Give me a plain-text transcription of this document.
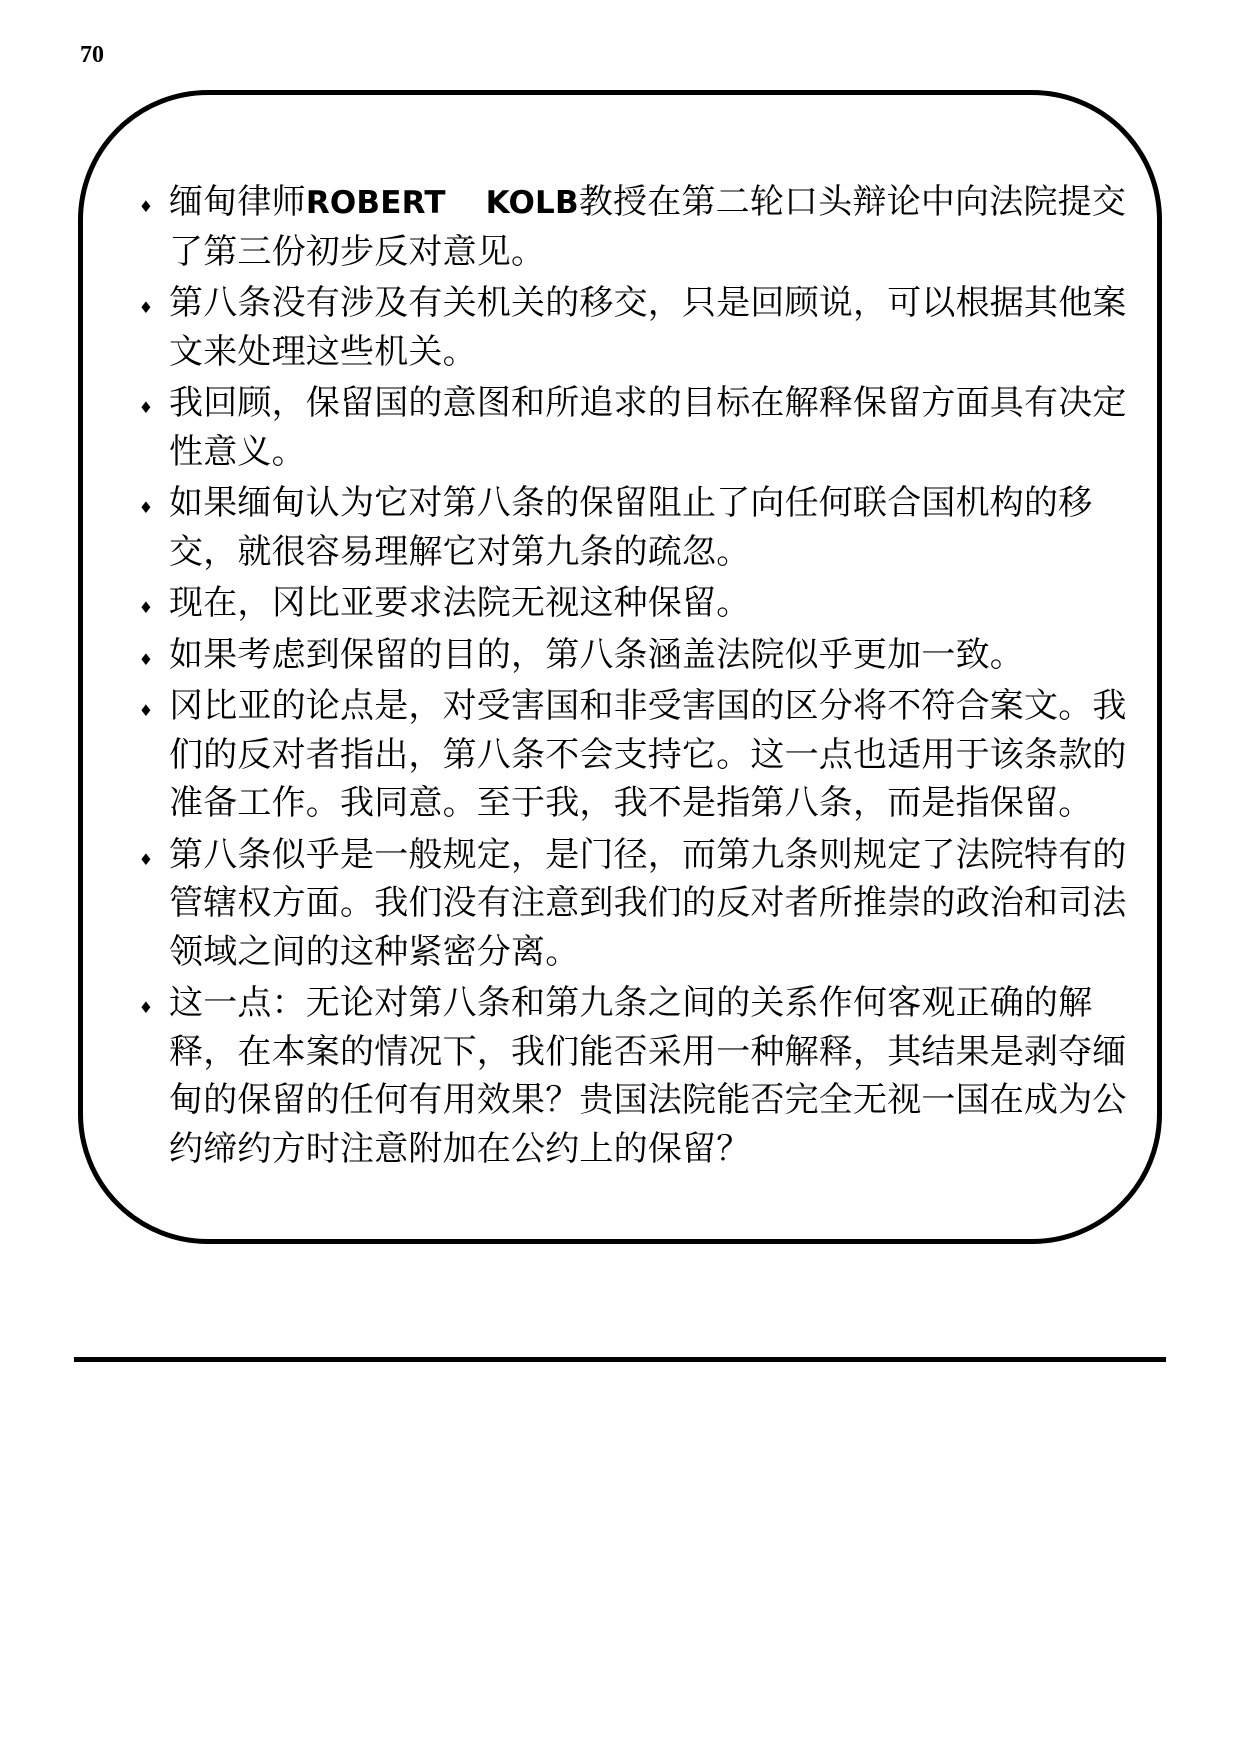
70
♦ 缅甸律师ROBERT KOLB教授在第二轮口头辩论中向法院提交了第三份初步反对意见。
♦ 第八条没有涉及有关机关的移交，只是回顾说，可以根据其他案文来处理这些机关。
♦ 我回顾，保留国的意图和所追求的目标在解释保留方面具有决定性意义。
♦ 如果缅甸认为它对第八条的保留阻止了向任何联合国机构的移交，就很容易理解它对第九条的疏忽。
♦ 现在，冈比亚要求法院无视这种保留。
♦ 如果考虑到保留的目的，第八条涵盖法院似乎更加一致。
♦ 冈比亚的论点是，对受害国和非受害国的区分将不符合案文。我们的反对者指出，第八条不会支持它。这一点也适用于该条款的准备工作。我同意。至于我，我不是指第八条，而是指保留。
♦ 第八条似乎是一般规定，是门径，而第九条则规定了法院特有的管辖权方面。我们没有注意到我们的反对者所推崇的政治和司法领域之间的这种紧密分离。
♦ 这一点：无论对第八条和第九条之间的关系作何客观正确的解释，在本案的情况下，我们能否采用一种解释，其结果是剥夺缅甸的保留的任何有用效果？贵国法院能否完全无视一国在成为公约缔约方时注意附加在公约上的保留？
